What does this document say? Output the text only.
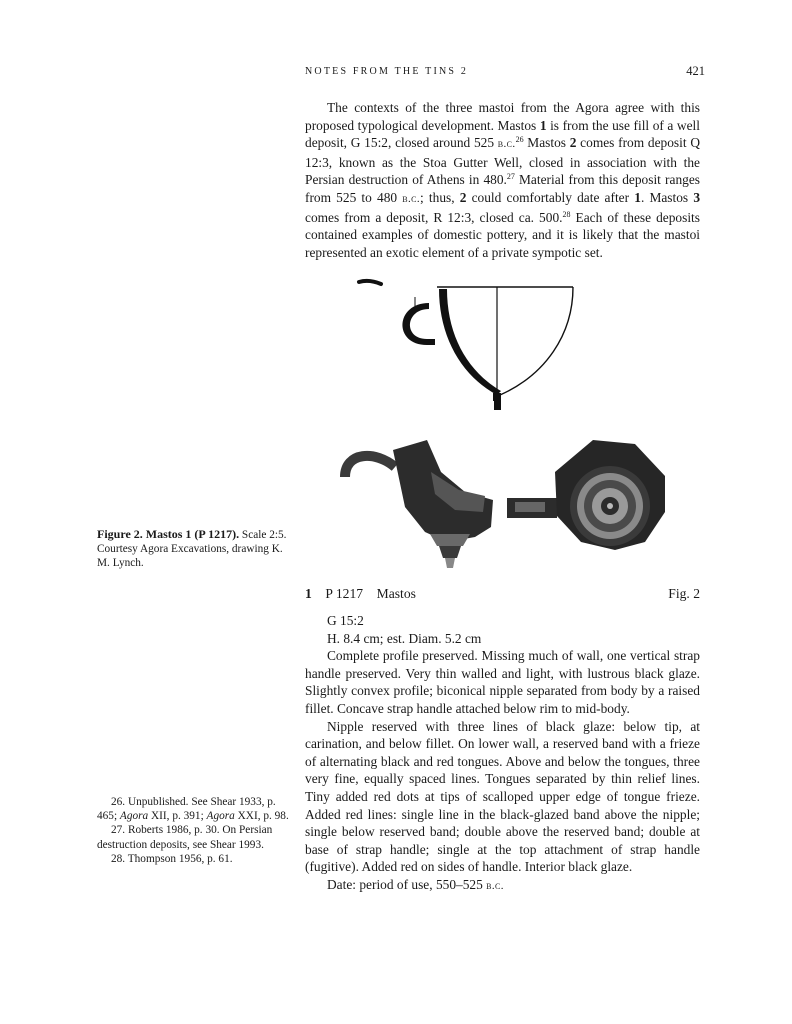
NOTES FROM THE TINS 2	421

The contexts of the three mastoi from the Agora agree with this proposed typological development. Mastos 1 is from the use fill of a well deposit, G 15:2, closed around 525 b.c.$^{26}$ Mastos 2 comes from deposit Q 12:3, known as the Stoa Gutter Well, closed in association with the Persian destruction of Athens in 480.27 Material from this deposit ranges from 525 to 480 b.c.; thus, 2 could comfortably date after 1. Mastos 3 comes from a deposit, R 12:3, closed ca. 500.28 Each of these deposits contained examples of domestic pottery, and it is likely that the mastoi represented an exotic element of a private sympotic set.

Figure 2. Mastos 1 (P 1217). Scale 2:5. Courtesy Agora Excavations, drawing K. M. Lynch.
1 P 1217 Mastos	Fig. 2
G 15:2
H. 8.4 cm; est. Diam. 5.2 cm

Complete profile preserved. Missing much of wall, one vertical strap handle preserved. Very thin walled and light, with lustrous black glaze. Slightly convex profile; biconical nipple separated from body by a raised fillet. Concave strap handle attached below rim to mid-body.

Nipple reserved with three lines of black glaze: below tip, at carination, and below fillet. On lower wall, a reserved band with a frieze of alternating black and red tongues. Above and below the tongues, three very fine, equally spaced lines. Tongues separated by thin relief lines. Tiny added red dots at tips of scalloped upper edge of tongue frieze. Added red lines: single line in the black-glazed band above the nipple; single below reserved band; double above the reserved band; double at base of strap handle; single at the top attachment of strap handle (fugitive). Added red on sides of handle. Interior black glaze.

Date: period of use, 550–525 b.c.

26. Unpublished. See Shear 1933, p. 465; Agora XII, p. 391; Agora XXI, p. 98.

27. Roberts 1986, p. 30. On Persian destruction deposits, see Shear 1993.

28. Thompson 1956, p. 61.
